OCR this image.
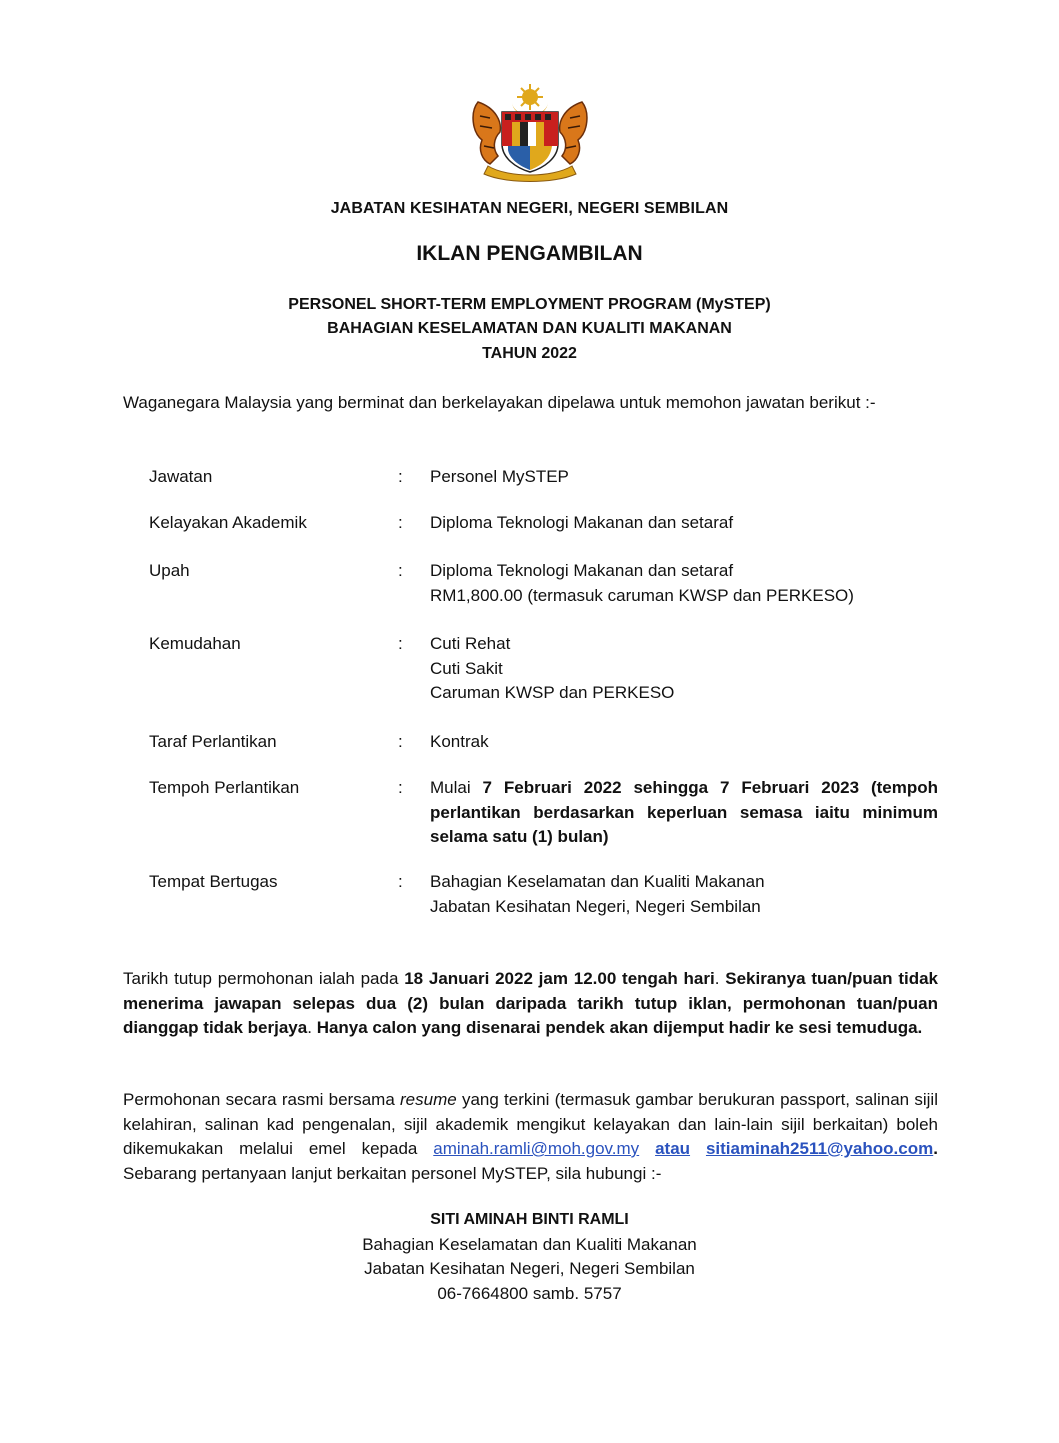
JABATAN KESIHATAN NEGERI, NEGERI SEMBILAN
IKLAN PENGAMBILAN
PERSONEL SHORT-TERM EMPLOYMENT PROGRAM (MySTEP)
BAHAGIAN KESELAMATAN DAN KUALITI MAKANAN
TAHUN 2022
Waganegara Malaysia yang berminat dan berkelayakan dipelawa untuk memohon jawatan berikut :-
Jawatan	: Personel MySTEP
Kelayakan Akademik	: Diploma Teknologi Makanan dan setaraf
Upah	: Diploma Teknologi Makanan dan setaraf
RM1,800.00 (termasuk caruman KWSP dan PERKESO)
Kemudahan	: Cuti Rehat
Cuti Sakit
Caruman KWSP dan PERKESO
Taraf Perlantikan	: Kontrak
Tempoh Perlantikan	: Mulai 7 Februari 2022 sehingga 7 Februari 2023 (tempoh perlantikan berdasarkan keperluan semasa iaitu minimum selama satu (1) bulan)
Tempat Bertugas	: Bahagian Keselamatan dan Kualiti Makanan
Jabatan Kesihatan Negeri, Negeri Sembilan
Tarikh tutup permohonan ialah pada 18 Januari 2022 jam 12.00 tengah hari. Sekiranya tuan/puan tidak menerima jawapan selepas dua (2) bulan daripada tarikh tutup iklan, permohonan tuan/puan dianggap tidak berjaya. Hanya calon yang disenarai pendek akan dijemput hadir ke sesi temuduga.
Permohonan secara rasmi bersama resume yang terkini (termasuk gambar berukuran passport, salinan sijil kelahiran, salinan kad pengenalan, sijil akademik mengikut kelayakan dan lain-lain sijil berkaitan) boleh dikemukakan melalui emel kepada aminah.ramli@moh.gov.my atau sitiaminah2511@yahoo.com. Sebarang pertanyaan lanjut berkaitan personel MySTEP, sila hubungi :-
SITI AMINAH BINTI RAMLI
Bahagian Keselamatan dan Kualiti Makanan
Jabatan Kesihatan Negeri, Negeri Sembilan
06-7664800 samb. 5757
